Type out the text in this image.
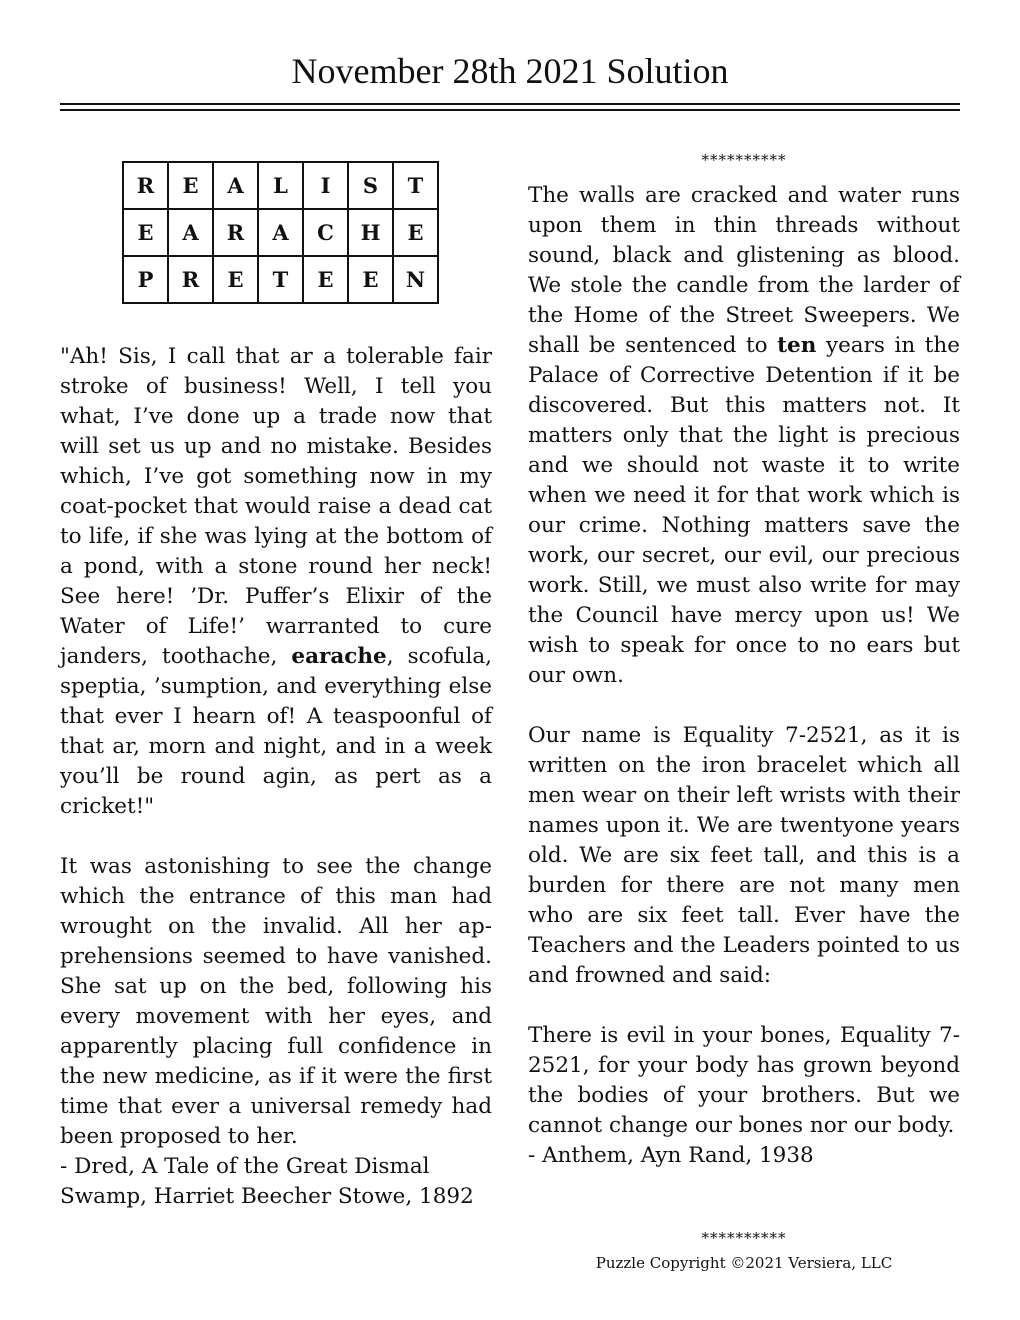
November 28th 2021 Solution
R	E	A	L	I	S	T
E	A	R	A	C	H	E
P	R	E	T	E	E	N

"Ah! Sis, I call that ar a tolerable fair stroke of business! Well, I tell you what, I’ve done up a trade now that will set us up and no mistake. Besides which, I’ve got something now in my coat-pocket that would raise a dead cat to life, if she was lying at the bottom of a pond, with a stone round her neck! See here! ’Dr. Puffer’s Elixir of the Water of Life!’ warranted to cure janders, toothache, earache, scofula, speptia, ’sumption, and everything else that ever I hearn of! A teaspoonful of that ar, morn and night, and in a week you’ll be round agin, as pert as a cricket!"

It was astonishing to see the change which the entrance of this man had wrought on the invalid. All her apprehensions seemed to have vanished. She sat up on the bed, following his every movement with her eyes, and apparently placing full confidence in the new medicine, as if it were the first time that ever a universal remedy had been proposed to her.

- Dred, A Tale of the Great Dismal Swamp, Harriet Beecher Stowe, 1892

**********

The walls are cracked and water runs upon them in thin threads without sound, black and glistening as blood. We stole the candle from the larder of the Home of the Street Sweepers. We shall be sentenced to ten years in the Palace of Corrective Detention if it be discovered. But this matters not. It matters only that the light is precious and we should not waste it to write when we need it for that work which is our crime. Nothing matters save the work, our secret, our evil, our precious work. Still, we must also write for may the Council have mercy upon us! We wish to speak for once to no ears but our own.

Our name is Equality 7-2521, as it is written on the iron bracelet which all men wear on their left wrists with their names upon it. We are twentyone years old. We are six feet tall, and this is a burden for there are not many men who are six feet tall. Ever have the Teachers and the Leaders pointed to us and frowned and said:

There is evil in your bones, Equality 7-2521, for your body has grown beyond the bodies of your brothers. But we cannot change our bones nor our body.

- Anthem, Ayn Rand, 1938

**********
Puzzle Copyright ©2021 Versiera, LLC
